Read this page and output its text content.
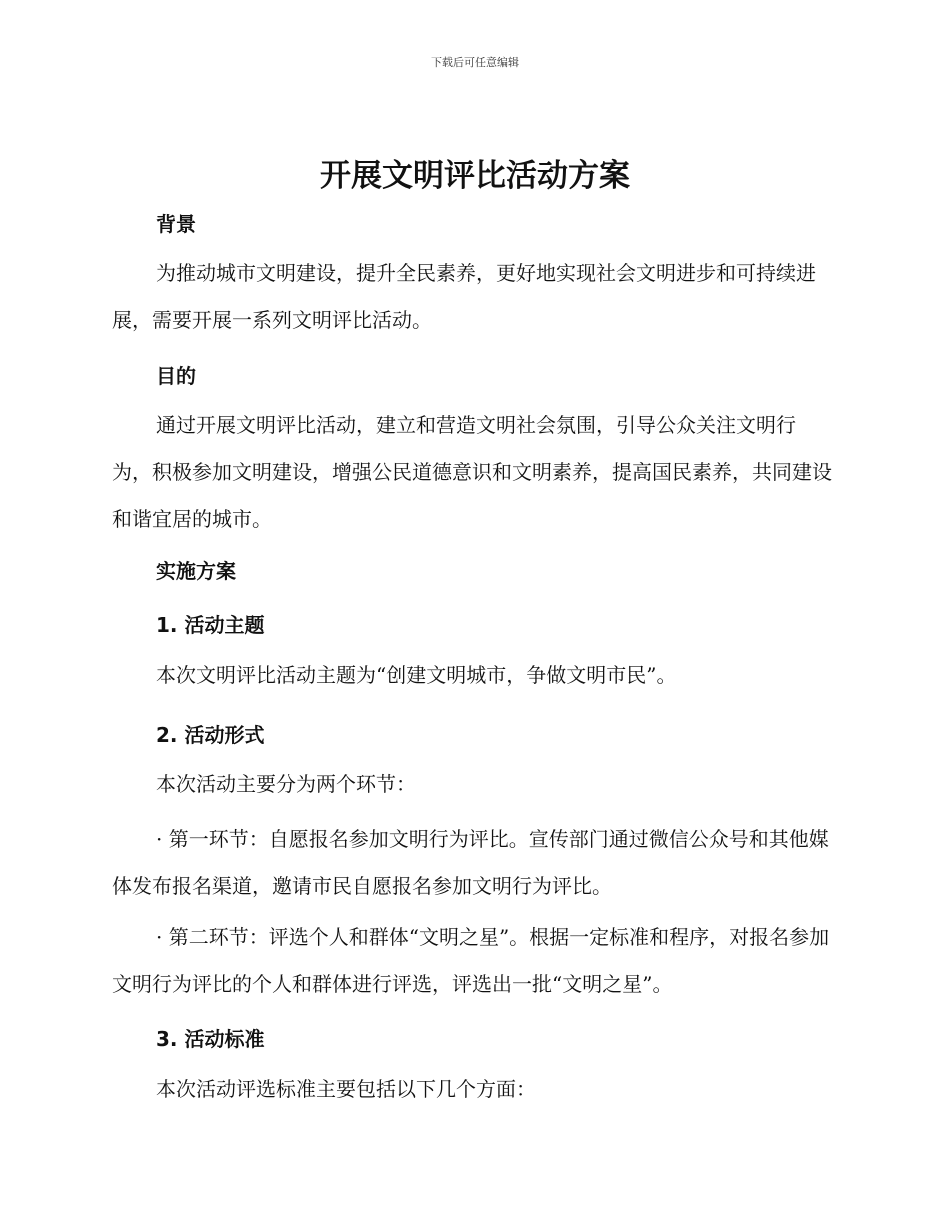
下载后可任意编辑
开展文明评比活动方案
背景

为推动城市文明建设，提升全民素养，更好地实现社会文明进步和可持续进展，需要开展一系列文明评比活动。

目的

通过开展文明评比活动，建立和营造文明社会氛围，引导公众关注文明行为，积极参加文明建设，增强公民道德意识和文明素养，提高国民素养，共同建设和谐宜居的城市。

实施方案
1. 活动主题

本次文明评比活动主题为“创建文明城市，争做文明市民”。

2. 活动形式

本次活动主要分为两个环节：

· 第一环节：自愿报名参加文明行为评比。宣传部门通过微信公众号和其他媒体发布报名渠道，邀请市民自愿报名参加文明行为评比。

· 第二环节：评选个人和群体“文明之星”。根据一定标准和程序，对报名参加文明行为评比的个人和群体进行评选，评选出一批“文明之星”。

3. 活动标准

本次活动评选标准主要包括以下几个方面：
